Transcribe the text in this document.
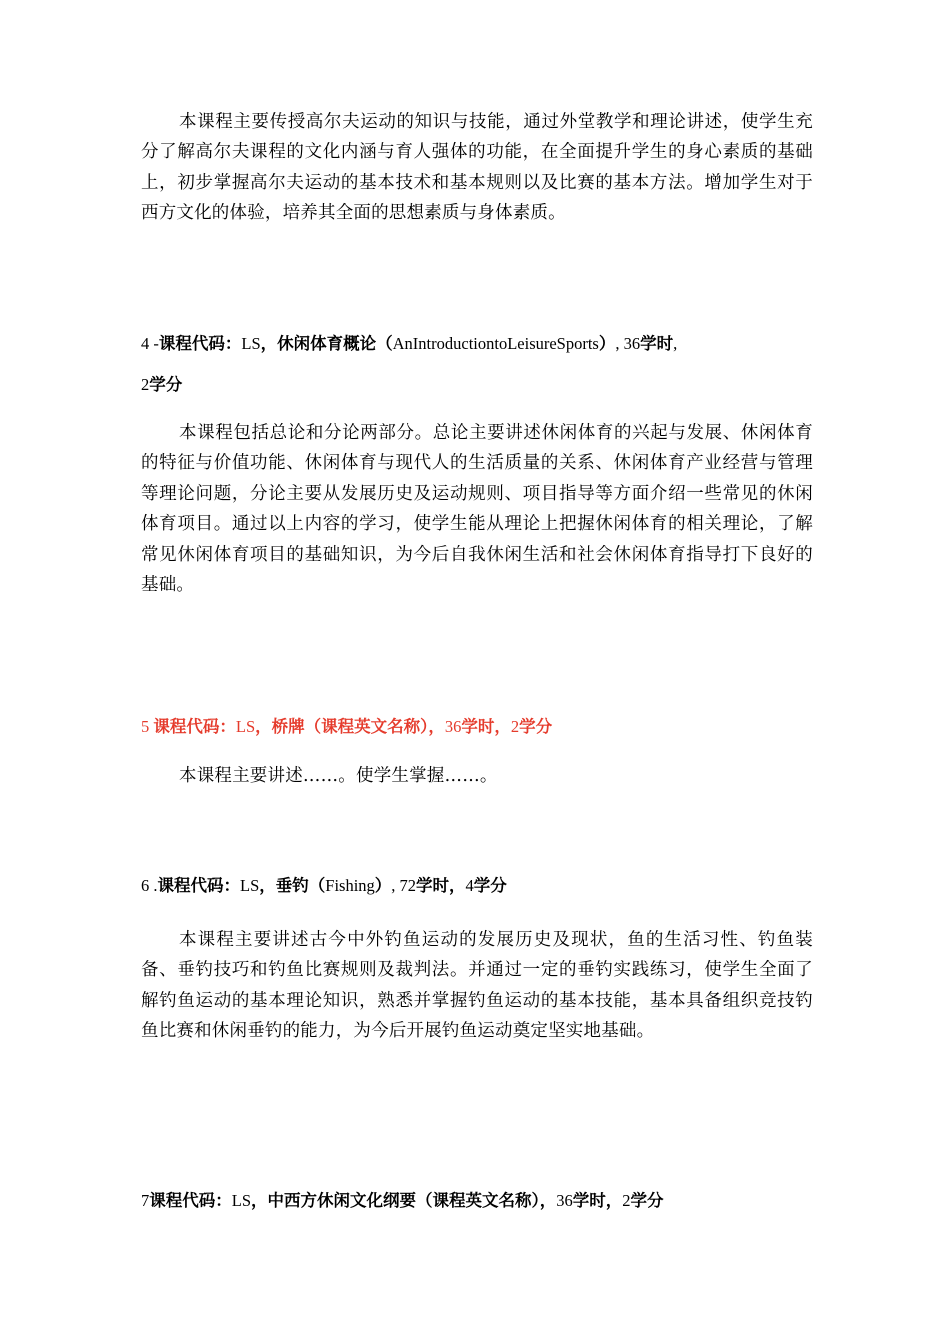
本课程主要传授高尔夫运动的知识与技能，通过外堂教学和理论讲述，使学生充分了解高尔夫课程的文化内涵与育人强体的功能，在全面提升学生的身心素质的基础上，初步掌握高尔夫运动的基本技术和基本规则以及比赛的基本方法。增加学生对于西方文化的体验，培养其全面的思想素质与身体素质。

4 -课程代码：LS，休闲体育概论（AnIntroductiontoLeisureSports）, 36学时,

2学分

本课程包括总论和分论两部分。总论主要讲述休闲体育的兴起与发展、休闲体育的特征与价值功能、休闲体育与现代人的生活质量的关系、休闲体育产业经营与管理等理论问题，分论主要从发展历史及运动规则、项目指导等方面介绍一些常见的休闲体育项目。通过以上内容的学习，使学生能从理论上把握休闲体育的相关理论，了解常见休闲体育项目的基础知识，为今后自我休闲生活和社会休闲体育指导打下良好的基础。

5 课程代码：LS，桥牌（课程英文名称），36学时，2学分

本课程主要讲述……。使学生掌握……。

6 .课程代码：LS，垂钓（Fishing）, 72学时，4学分

本课程主要讲述古今中外钓鱼运动的发展历史及现状，鱼的生活习性、钓鱼装备、垂钓技巧和钓鱼比赛规则及裁判法。并通过一定的垂钓实践练习，使学生全面了解钓鱼运动的基本理论知识，熟悉并掌握钓鱼运动的基本技能，基本具备组织竞技钓鱼比赛和休闲垂钓的能力，为今后开展钓鱼运动奠定坚实地基础。

7课程代码：LS，中西方休闲文化纲要（课程英文名称），36学时，2学分
